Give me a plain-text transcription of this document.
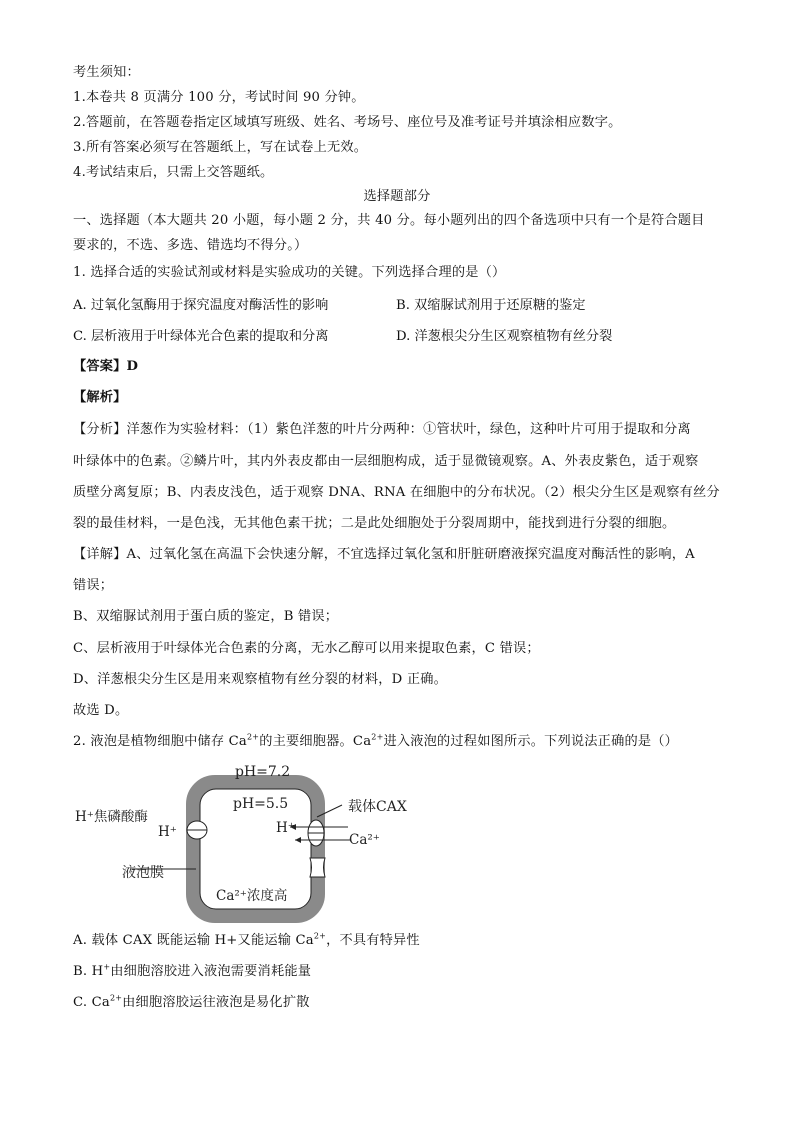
考生须知：
1.本卷共 8 页满分 100 分，考试时间 90 分钟。
2.答题前，在答题卷指定区域填写班级、姓名、考场号、座位号及准考证号并填涂相应数字。
3.所有答案必须写在答题纸上，写在试卷上无效。
4.考试结束后，只需上交答题纸。
选择题部分
一、选择题（本大题共 20 小题，每小题 2 分，共 40 分。每小题列出的四个备选项中只有一个是符合题目
要求的，不选、多选、错选均不得分。）
1. 选择合适的实验试剂或材料是实验成功的关键。下列选择合理的是（）
A. 过氧化氢酶用于探究温度对酶活性的影响	B. 双缩脲试剂用于还原糖的鉴定
C. 层析液用于叶绿体光合色素的提取和分离	D. 洋葱根尖分生区观察植物有丝分裂
【答案】D
【解析】
【分析】洋葱作为实验材料：（1）紫色洋葱的叶片分两种：①管状叶，绿色，这种叶片可用于提取和分离
叶绿体中的色素。②鳞片叶，其内外表皮都由一层细胞构成，适于显微镜观察。A、外表皮紫色，适于观察
质壁分离复原；B、内表皮浅色，适于观察 DNA、RNA 在细胞中的分布状况。（2）根尖分生区是观察有丝分
裂的最佳材料，一是色浅，无其他色素干扰；二是此处细胞处于分裂周期中，能找到进行分裂的细胞。
【详解】A、过氧化氢在高温下会快速分解，不宜选择过氧化氢和肝脏研磨液探究温度对酶活性的影响，A
错误；
B、双缩脲试剂用于蛋白质的鉴定，B 错误；
C、层析液用于叶绿体光合色素的分离，无水乙醇可以用来提取色素，C 错误；
D、洋葱根尖分生区是用来观察植物有丝分裂的材料，D 正确。
故选 D。
2. 液泡是植物细胞中储存 $Ca^{2+}$的主要细胞器。$Ca^{2+}$进入液泡的过程如图所示。下列说法正确的是（）
pH=7.2
pH=5.5
H⁺焦磷酸酶
H⁺
载体CAX
H⁺
Ca²⁺
液泡膜
Ca²⁺浓度高
A. 载体 CAX 既能运输 H+又能运输 $Ca^{2+}$，不具有特异性
B. H+由细胞溶胶进入液泡需要消耗能量
C. $Ca^{2+}$由细胞溶胶运往液泡是易化扩散
